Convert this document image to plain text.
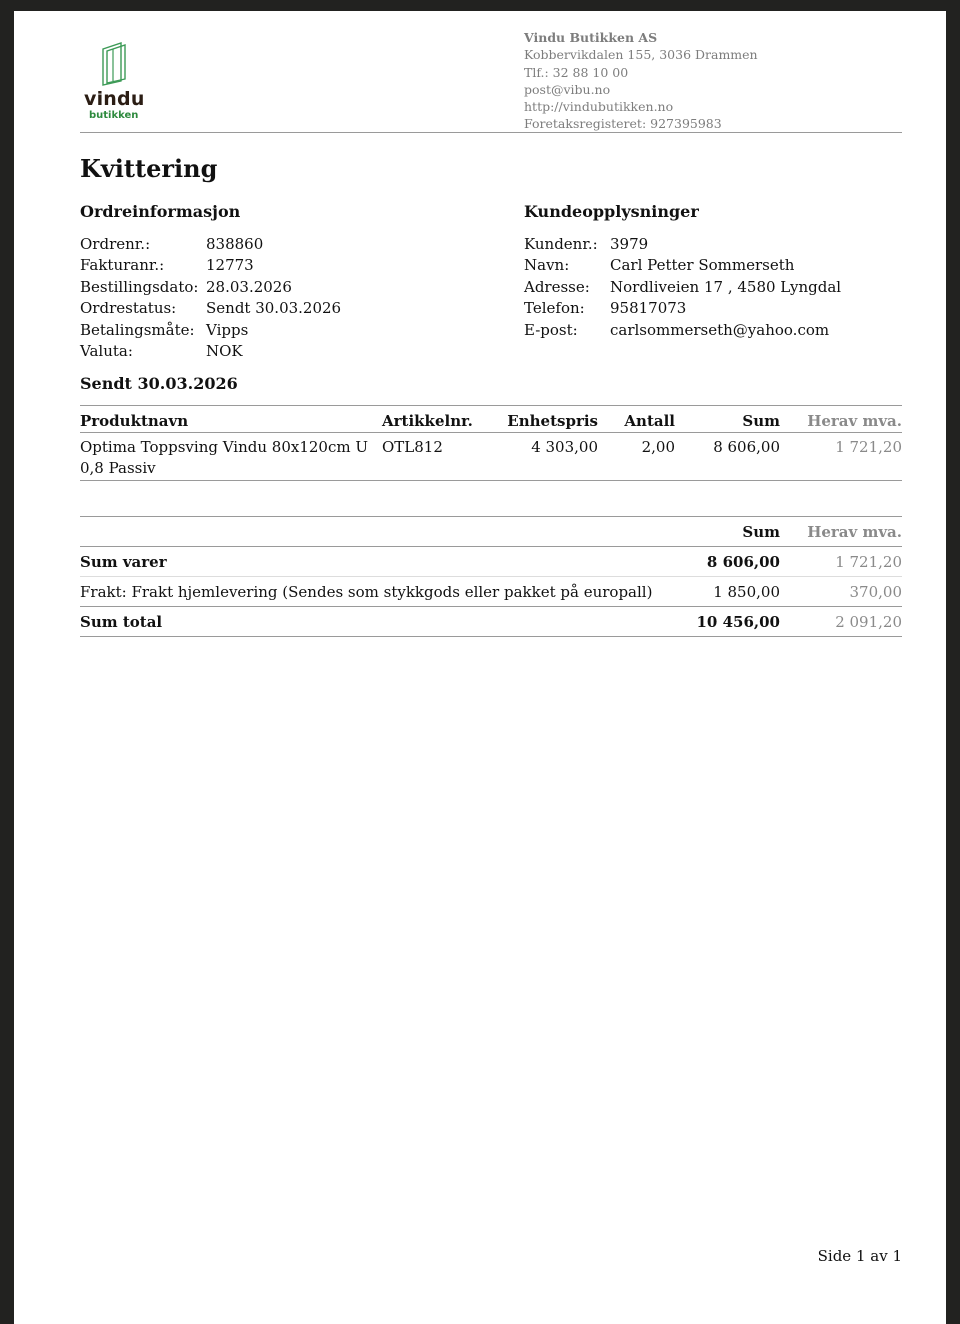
vindu
butikken
Vindu Butikken AS
Kobbervikdalen 155, 3036 Drammen
Tlf.: 32 88 10 00
post@vibu.no
http://vindubutikken.no
Foretaksregisteret: 927395983
Kvittering
Ordreinformasjon
Ordrenr.:	838860
Fakturanr.:	12773
Bestillingsdato: 28.03.2026
Ordrestatus:	Sendt 30.03.2026
Betalingsmåte: Vipps
Valuta:	NOK
Kundeopplysninger
Kundenr.: 3979
Navn:	Carl Petter Sommerseth
Adresse:	Nordliveien 17 , 4580 Lyngdal
Telefon:	95817073
E-post:	carlsommerseth@yahoo.com
Sendt 30.03.2026
Produktnavn	Artikkelnr.	Enhetspris	Antall	Sum	Herav mva.
Optima Toppsving Vindu 80x120cm U
0,8 Passiv
OTL812	4 303,00	2,00	8 606,00	1 721,20
Sum	Herav mva.
Sum varer	8 606,00	1 721,20
Frakt: Frakt hjemlevering (Sendes som stykkgods eller pakket på europall)	1 850,00	370,00
Sum total	10 456,00	2 091,20
Side 1 av 1
